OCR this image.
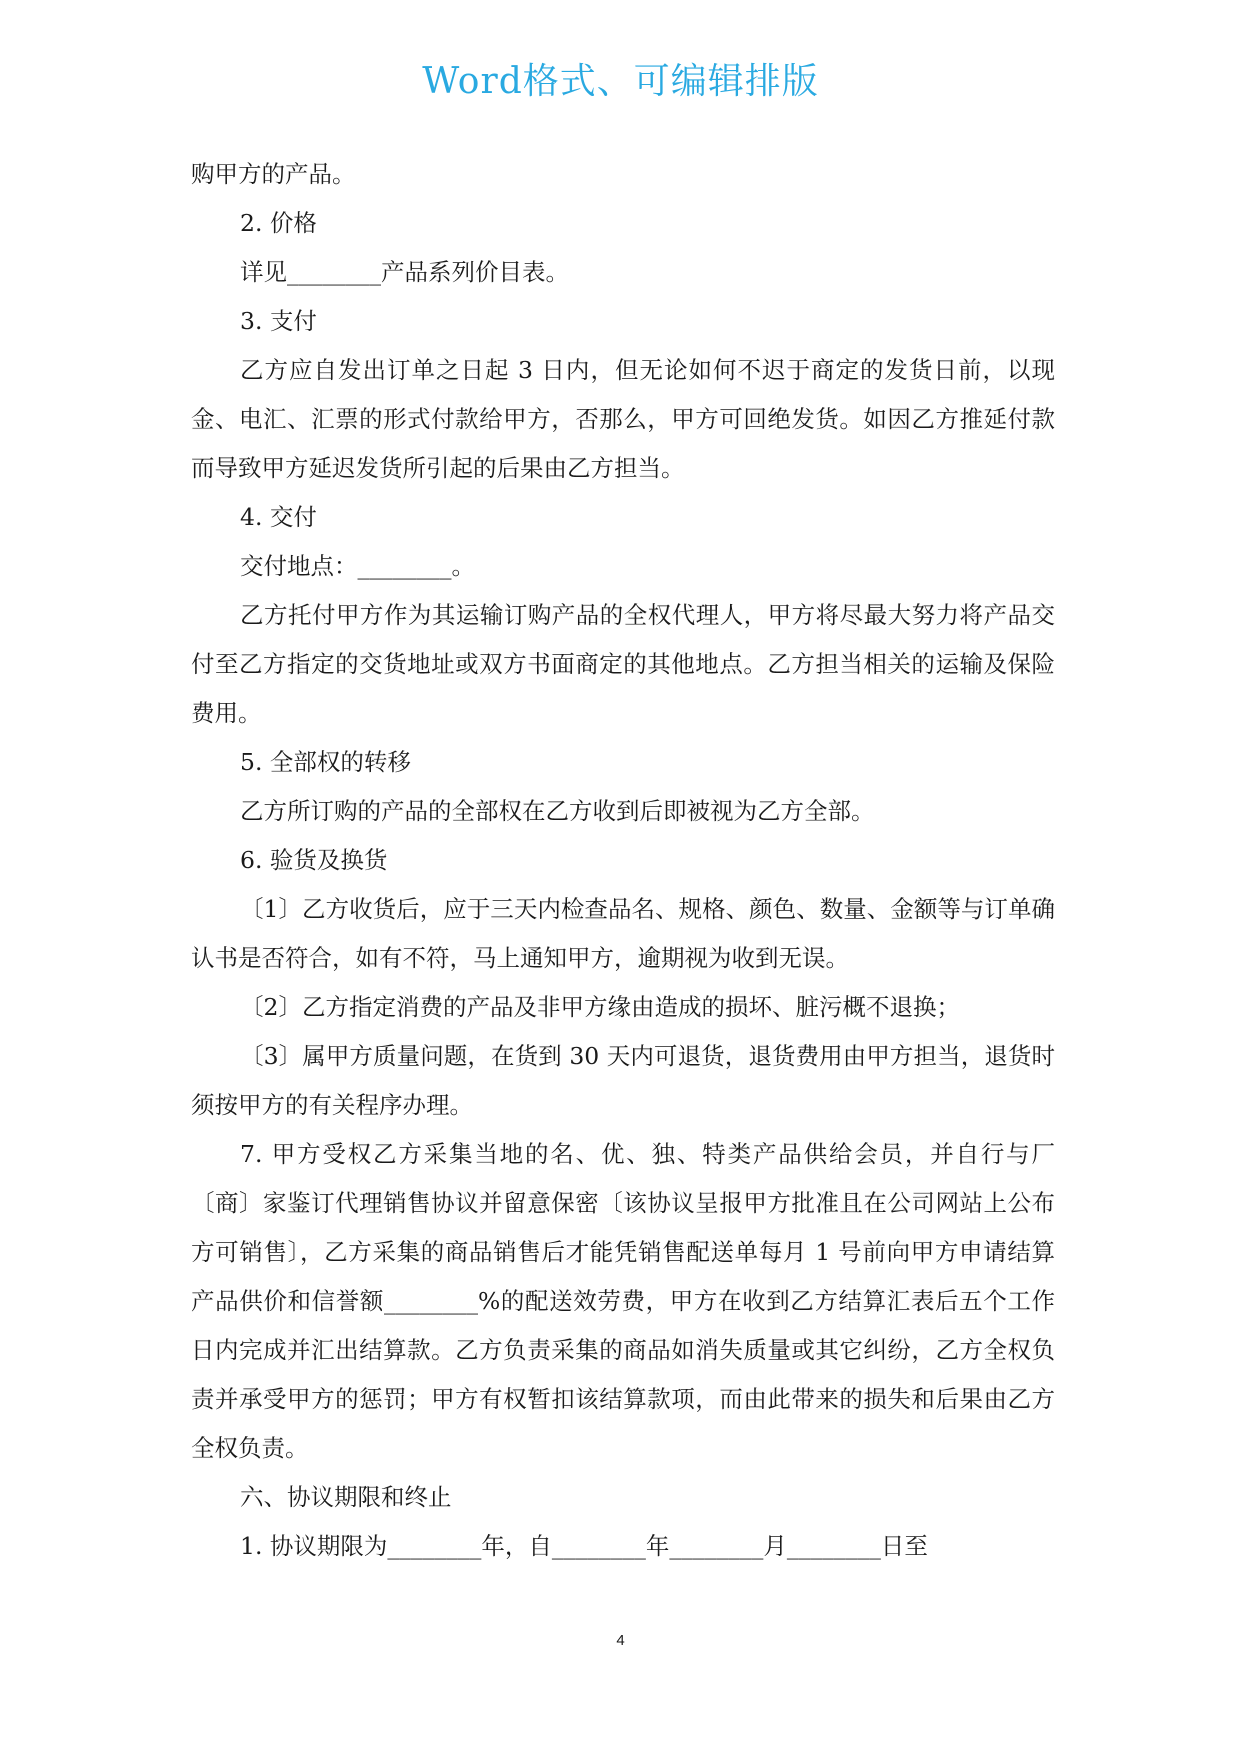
Word格式、可编辑排版

购甲方的产品。

2. 价格

详见________产品系列价目表。

3. 支付

乙方应自发出订单之日起 3 日内，但无论如何不迟于商定的发货日前，以现金、电汇、汇票的形式付款给甲方，否那么，甲方可回绝发货。如因乙方推延付款而导致甲方延迟发货所引起的后果由乙方担当。

4. 交付

交付地点：________。

乙方托付甲方作为其运输订购产品的全权代理人，甲方将尽最大努力将产品交付至乙方指定的交货地址或双方书面商定的其他地点。乙方担当相关的运输及保险费用。

5. 全部权的转移

乙方所订购的产品的全部权在乙方收到后即被视为乙方全部。

6. 验货及换货

〔1〕乙方收货后，应于三天内检查品名、规格、颜色、数量、金额等与订单确认书是否符合，如有不符，马上通知甲方，逾期视为收到无误。

〔2〕乙方指定消费的产品及非甲方缘由造成的损坏、脏污概不退换；

〔3〕属甲方质量问题，在货到 30 天内可退货，退货费用由甲方担当，退货时须按甲方的有关程序办理。

7. 甲方受权乙方采集当地的名、优、独、特类产品供给会员，并自行与厂〔商〕家鉴订代理销售协议并留意保密〔该协议呈报甲方批准且在公司网站上公布方可销售〕，乙方采集的商品销售后才能凭销售配送单每月 1 号前向甲方申请结算产品供价和信誉额________%的配送效劳费，甲方在收到乙方结算汇表后五个工作日内完成并汇出结算款。乙方负责采集的商品如消失质量或其它纠纷，乙方全权负责并承受甲方的惩罚；甲方有权暂扣该结算款项，而由此带来的损失和后果由乙方全权负责。

六、协议期限和终止

1. 协议期限为________年，自________年________月________日至

4
